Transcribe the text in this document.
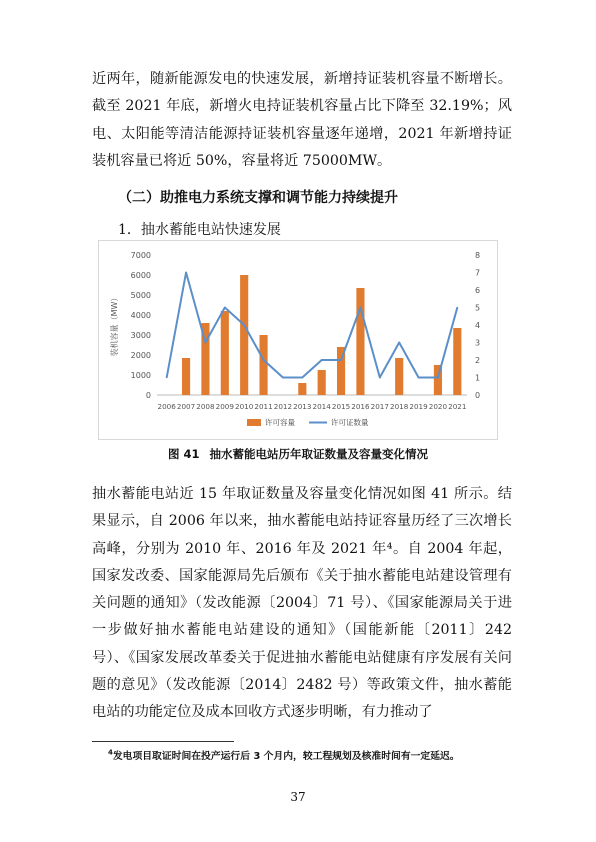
近两年，随新能源发电的快速发展，新增持证装机容量不断增长。截至 2021 年底，新增火电持证装机容量占比下降至 32.19%；风电、太阳能等清洁能源持证装机容量逐年递增，2021 年新增持证装机容量已将近 50%，容量将近 75000MW。

（二）助推电力系统支撑和调节能力持续提升

1．抽水蓄能电站快速发展

0
1000
2000
3000
4000
5000
6000
7000
0
1
2
3
4
5
6
7
8
装机容量（MW）
2006 2007 2008 2009 2010 2011 2012 2013 2014 2015 2016 2017 2018 2019 2020 2021
许可容量	许可证数量
图 41 抽水蓄能电站历年取证数量及容量变化情况

抽水蓄能电站近 15 年取证数量及容量变化情况如图 41 所示。结果显示，自 2006 年以来，抽水蓄能电站持证容量历经了三次增长高峰，分别为 2010 年、2016 年及 2021 年⁴。自 2004 年起，国家发改委、国家能源局先后颁布《关于抽水蓄能电站建设管理有关问题的通知》（发改能源〔2004〕71 号）、《国家能源局关于进一步做好抽水蓄能电站建设的通知》（国能新能〔2011〕242 号）、《国家发展改革委关于促进抽水蓄能电站健康有序发展有关问题的意见》（发改能源〔2014〕2482 号）等政策文件，抽水蓄能电站的功能定位及成本回收方式逐步明晰，有力推动了

$^4$发电项目取证时间在投产运行后 3 个月内，较工程规划及核准时间有一定延迟。
37
